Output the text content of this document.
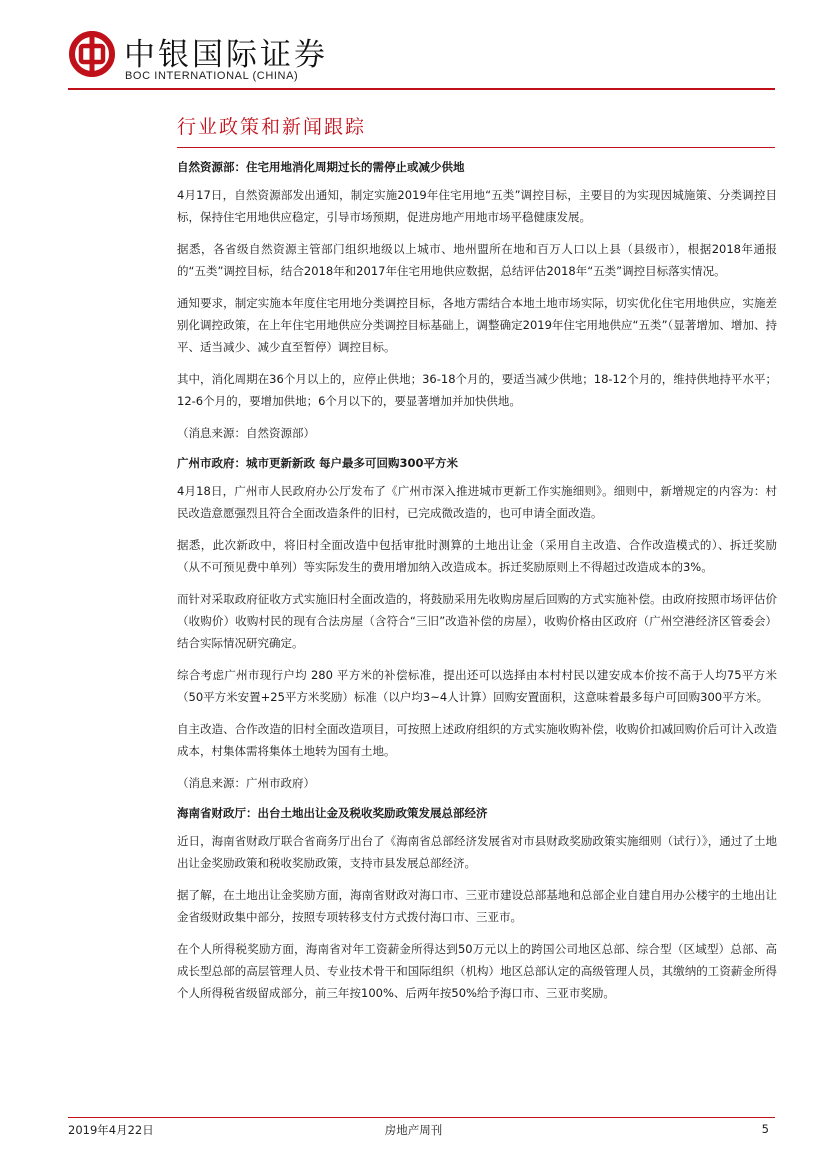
中银国际证券
BOC INTERNATIONAL (CHINA)
行业政策和新闻跟踪
自然资源部：住宅用地消化周期过长的需停止或减少供地

4月17日，自然资源部发出通知，制定实施2019年住宅用地“五类”调控目标，主要目的为实现因城施策、分类调控目标，保持住宅用地供应稳定，引导市场预期，促进房地产用地市场平稳健康发展。

据悉，各省级自然资源主管部门组织地级以上城市、地州盟所在地和百万人口以上县（县级市），根据2018年通报的“五类”调控目标，结合2018年和2017年住宅用地供应数据，总结评估2018年“五类”调控目标落实情况。

通知要求，制定实施本年度住宅用地分类调控目标，各地方需结合本地土地市场实际，切实优化住宅用地供应，实施差别化调控政策，在上年住宅用地供应分类调控目标基础上，调整确定2019年住宅用地供应“五类”（显著增加、增加、持平、适当减少、减少直至暂停）调控目标。

其中，消化周期在36个月以上的，应停止供地；36-18个月的，要适当减少供地；18-12个月的，维持供地持平水平；12-6个月的，要增加供地；6个月以下的，要显著增加并加快供地。

（消息来源：自然资源部）

广州市政府：城市更新新政 每户最多可回购300平方米

4月18日，广州市人民政府办公厅发布了《广州市深入推进城市更新工作实施细则》。细则中，新增规定的内容为：村民改造意愿强烈且符合全面改造条件的旧村，已完成微改造的，也可申请全面改造。

据悉，此次新政中，将旧村全面改造中包括审批时测算的土地出让金（采用自主改造、合作改造模式的）、拆迁奖励（从不可预见费中单列）等实际发生的费用增加纳入改造成本。拆迁奖励原则上不得超过改造成本的3%。

而针对采取政府征收方式实施旧村全面改造的，将鼓励采用先收购房屋后回购的方式实施补偿。由政府按照市场评估价（收购价）收购村民的现有合法房屋（含符合“三旧”改造补偿的房屋），收购价格由区政府（广州空港经济区管委会）结合实际情况研究确定。

综合考虑广州市现行户均 280 平方米的补偿标准，提出还可以选择由本村村民以建安成本价按不高于人均75平方米（50平方米安置+25平方米奖励）标准（以户均3~4人计算）回购安置面积，这意味着最多每户可回购300平方米。

自主改造、合作改造的旧村全面改造项目，可按照上述政府组织的方式实施收购补偿，收购价扣减回购价后可计入改造成本，村集体需将集体土地转为国有土地。

（消息来源：广州市政府）

海南省财政厅：出台土地出让金及税收奖励政策发展总部经济

近日，海南省财政厅联合省商务厅出台了《海南省总部经济发展省对市县财政奖励政策实施细则（试行）》，通过了土地出让金奖励政策和税收奖励政策，支持市县发展总部经济。

据了解，在土地出让金奖励方面，海南省财政对海口市、三亚市建设总部基地和总部企业自建自用办公楼宇的土地出让金省级财政集中部分，按照专项转移支付方式拨付海口市、三亚市。

在个人所得税奖励方面，海南省对年工资薪金所得达到50万元以上的跨国公司地区总部、综合型（区域型）总部、高成长型总部的高层管理人员、专业技术骨干和国际组织（机构）地区总部认定的高级管理人员，其缴纳的工资薪金所得个人所得税省级留成部分，前三年按100%、后两年按50%给予海口市、三亚市奖励。

2019年4月22日	房地产周刊	5
